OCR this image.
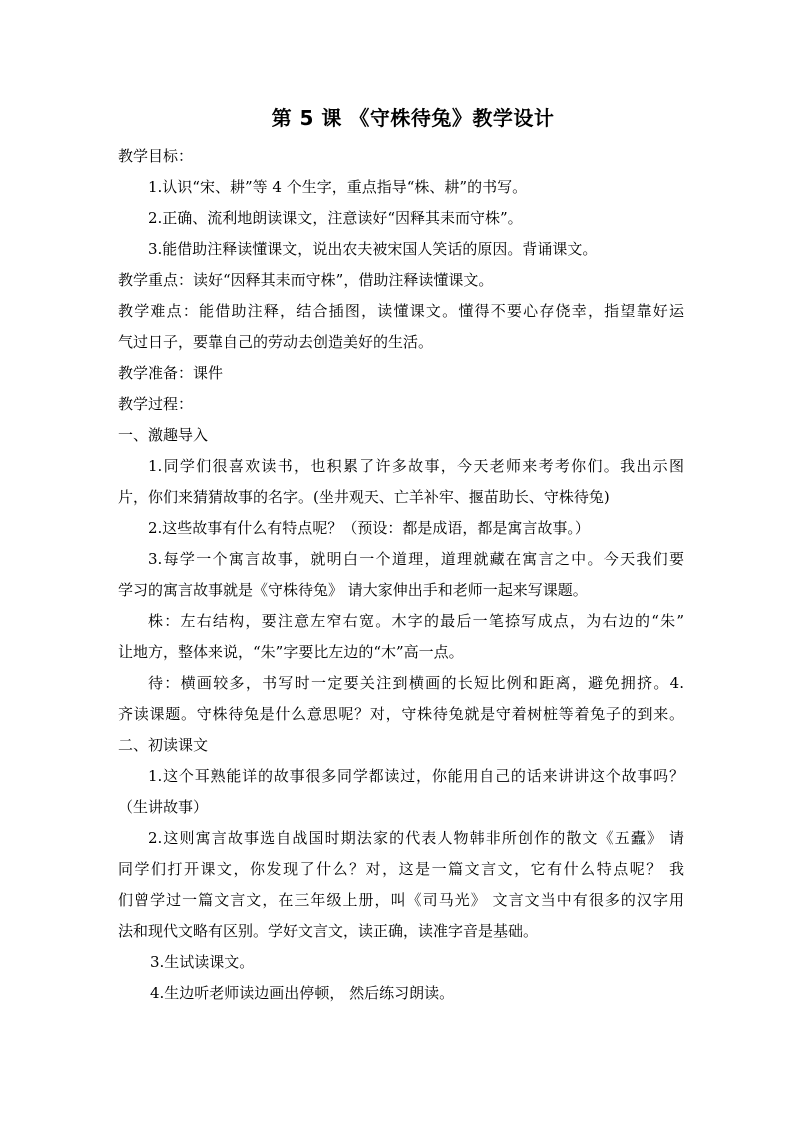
第 5 课 《守株待兔》教学设计

教学目标：

1.认识“宋、耕”等 4 个生字，重点指导“株、耕”的书写。

2.正确、流利地朗读课文，注意读好“因释其耒而守株”。

3.能借助注释读懂课文，说出农夫被宋国人笑话的原因。背诵课文。

教学重点：读好“因释其耒而守株”，借助注释读懂课文。

教学难点：能借助注释，结合插图，读懂课文。懂得不要心存侥幸，指望靠好运

气过日子，要靠自己的劳动去创造美好的生活。

教学准备：课件

教学过程：

一、激趣导入

1.同学们很喜欢读书，也积累了许多故事，今天老师来考考你们。我出示图

片，你们来猜猜故事的名字。(坐井观天、亡羊补牢、揠苗助长、守株待兔)

2.这些故事有什么有特点呢？（预设：都是成语，都是寓言故事。）

3.每学一个寓言故事，就明白一个道理，道理就藏在寓言之中。今天我们要

学习的寓言故事就是《守株待兔》 请大家伸出手和老师一起来写课题。

株：左右结构，要注意左窄右宽。木字的最后一笔捺写成点，为右边的“朱”

让地方，整体来说，“朱”字要比左边的“木”高一点。

待：横画较多，书写时一定要关注到横画的长短比例和距离，避免拥挤。4.

齐读课题。守株待兔是什么意思呢？对，守株待兔就是守着树桩等着兔子的到来。

二、初读课文

1.这个耳熟能详的故事很多同学都读过，你能用自己的话来讲讲这个故事吗？

（生讲故事）

2.这则寓言故事选自战国时期法家的代表人物韩非所创作的散文《五蠹》 请

同学们打开课文，你发现了什么？对，这是一篇文言文，它有什么特点呢？ 我

们曾学过一篇文言文，在三年级上册，叫《司马光》 文言文当中有很多的汉字用

法和现代文略有区别。学好文言文，读正确，读准字音是基础。

3.生试读课文。

4.生边听老师读边画出停顿， 然后练习朗读。
